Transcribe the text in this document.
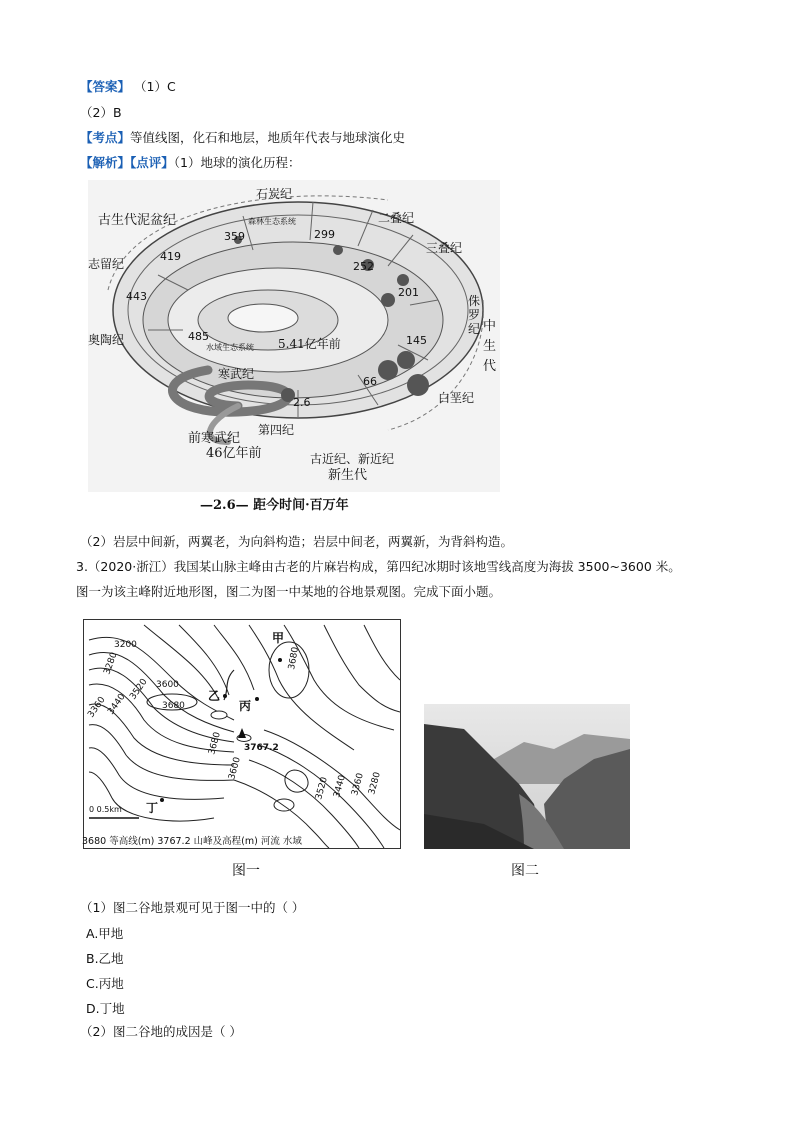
【答案】 （1）C
（2）B
【考点】等值线图，化石和地层，地质年代表与地球演化史
【解析】【点评】（1）地球的演化历程：
石炭纪
古生代泥盆纪	二叠纪
三叠纪
志留纪
侏
罗
纪 中
生
代
奥陶纪
寒武纪
白垩纪
第四纪
前寒武纪
46亿年前	古近纪、新近纪
新生代
5.41亿年前
森林生态系统
水域生态系统
359	299
252
419
201
443
485	145
66
2.6
—2.6— 距今时间·百万年
（2）岩层中间新，两翼老，为向斜构造；岩层中间老，两翼新，为背斜构造。
3.（2020·浙江）我国某山脉主峰由古老的片麻岩构成，第四纪冰期时该地雪线高度为海拔 3500~3600 米。
图一为该主峰附近地形图，图二为图一中某地的谷地景观图。完成下面小题。
3200
3280
3360
3440
3520 3600
3680
3680
3680
3600
3520 3440 3360 3280
3767.2
0 0.5km
甲
乙
丙
丁
3680 等高线(m) 3767.2 山峰及高程(m) 河流 水域
图一	图二
（1）图二谷地景观可见于图一中的（ ）
A.甲地
B.乙地
C.丙地
D.丁地
（2）图二谷地的成因是（ ）
